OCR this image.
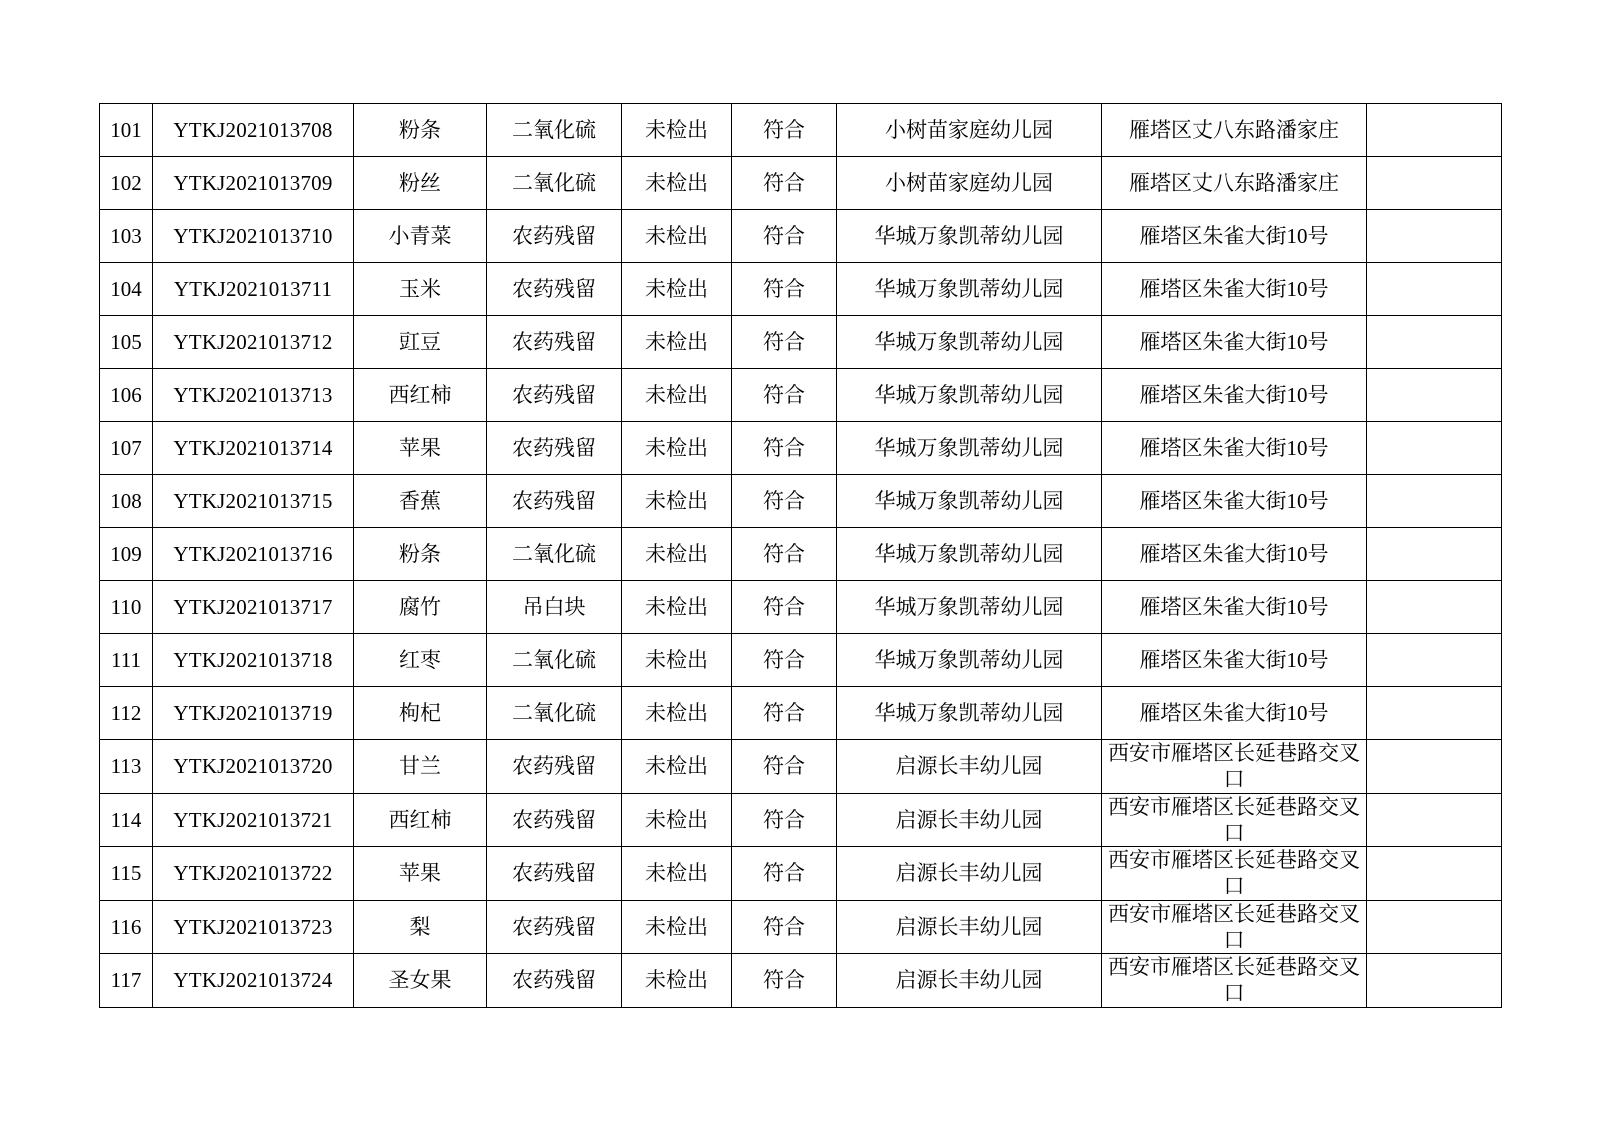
101	YTKJ2021013708	粉条	二氧化硫	未检出	符合	小树苗家庭幼儿园	雁塔区丈八东路潘家庄	
102	YTKJ2021013709	粉丝	二氧化硫	未检出	符合	小树苗家庭幼儿园	雁塔区丈八东路潘家庄	
103	YTKJ2021013710	小青菜	农药残留	未检出	符合	华城万象凯蒂幼儿园	雁塔区朱雀大街10号	
104	YTKJ2021013711	玉米	农药残留	未检出	符合	华城万象凯蒂幼儿园	雁塔区朱雀大街10号	
105	YTKJ2021013712	豇豆	农药残留	未检出	符合	华城万象凯蒂幼儿园	雁塔区朱雀大街10号	
106	YTKJ2021013713	西红柿	农药残留	未检出	符合	华城万象凯蒂幼儿园	雁塔区朱雀大街10号	
107	YTKJ2021013714	苹果	农药残留	未检出	符合	华城万象凯蒂幼儿园	雁塔区朱雀大街10号	
108	YTKJ2021013715	香蕉	农药残留	未检出	符合	华城万象凯蒂幼儿园	雁塔区朱雀大街10号	
109	YTKJ2021013716	粉条	二氧化硫	未检出	符合	华城万象凯蒂幼儿园	雁塔区朱雀大街10号	
110	YTKJ2021013717	腐竹	吊白块	未检出	符合	华城万象凯蒂幼儿园	雁塔区朱雀大街10号	
111	YTKJ2021013718	红枣	二氧化硫	未检出	符合	华城万象凯蒂幼儿园	雁塔区朱雀大街10号	
112	YTKJ2021013719	枸杞	二氧化硫	未检出	符合	华城万象凯蒂幼儿园	雁塔区朱雀大街10号	
113	YTKJ2021013720	甘兰	农药残留	未检出	符合	启源长丰幼儿园	西安市雁塔区长延巷路交叉口	
114	YTKJ2021013721	西红柿	农药残留	未检出	符合	启源长丰幼儿园	西安市雁塔区长延巷路交叉口	
115	YTKJ2021013722	苹果	农药残留	未检出	符合	启源长丰幼儿园	西安市雁塔区长延巷路交叉口	
116	YTKJ2021013723	梨	农药残留	未检出	符合	启源长丰幼儿园	西安市雁塔区长延巷路交叉口	
117	YTKJ2021013724	圣女果	农药残留	未检出	符合	启源长丰幼儿园	西安市雁塔区长延巷路交叉口	
